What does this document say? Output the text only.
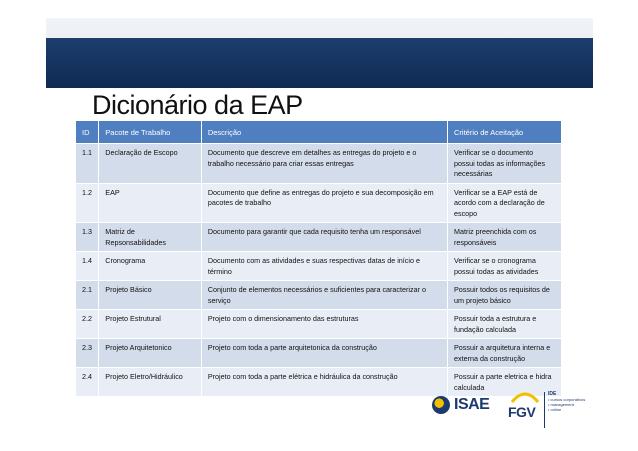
Dicionário da EAP
ID	Pacote de Trabalho	Descrição	Critério de Aceitação
1.1	Declaração de Escopo	Documento que descreve em detalhes as entregas do projeto e o trabalho necessário para criar essas entregas	Verificar se o documento possui todas as informações necessárias
1.2	EAP	Documento que define as entregas do projeto e sua decomposição em pacotes de trabalho	Verificar se a EAP está de acordo com a declaração de escopo
1.3	Matriz de Repsonsabilidades	Documento para garantir que cada requisito tenha um responsável	Matriz preenchida com os responsáveis
1.4	Cronograma	Documento com as atividades e suas respectivas datas de início e término	Verificar se o cronograma possui todas as atividades
2.1	Projeto Básico	Conjunto de elementos necessários e suficientes para caracterizar o serviço	Possuir todos os requisitos de um projeto básico
2.2	Projeto Estrutural	Projeto com o dimensionamento das estruturas	Possuir toda a estrutura e fundação calculada
2.3	Projeto Arquitetonico	Projeto com toda a parte arquitetonica da construção	Possuir a arquitetura interna e externa da construção
2.4	Projeto Eletro/Hidráulico	Projeto com toda a parte elétrica e hidráulica da construção	Possuir a parte eletrica e hidra calculada
ISAE FGV
IDE
• cursos corporativos
• management
• online
